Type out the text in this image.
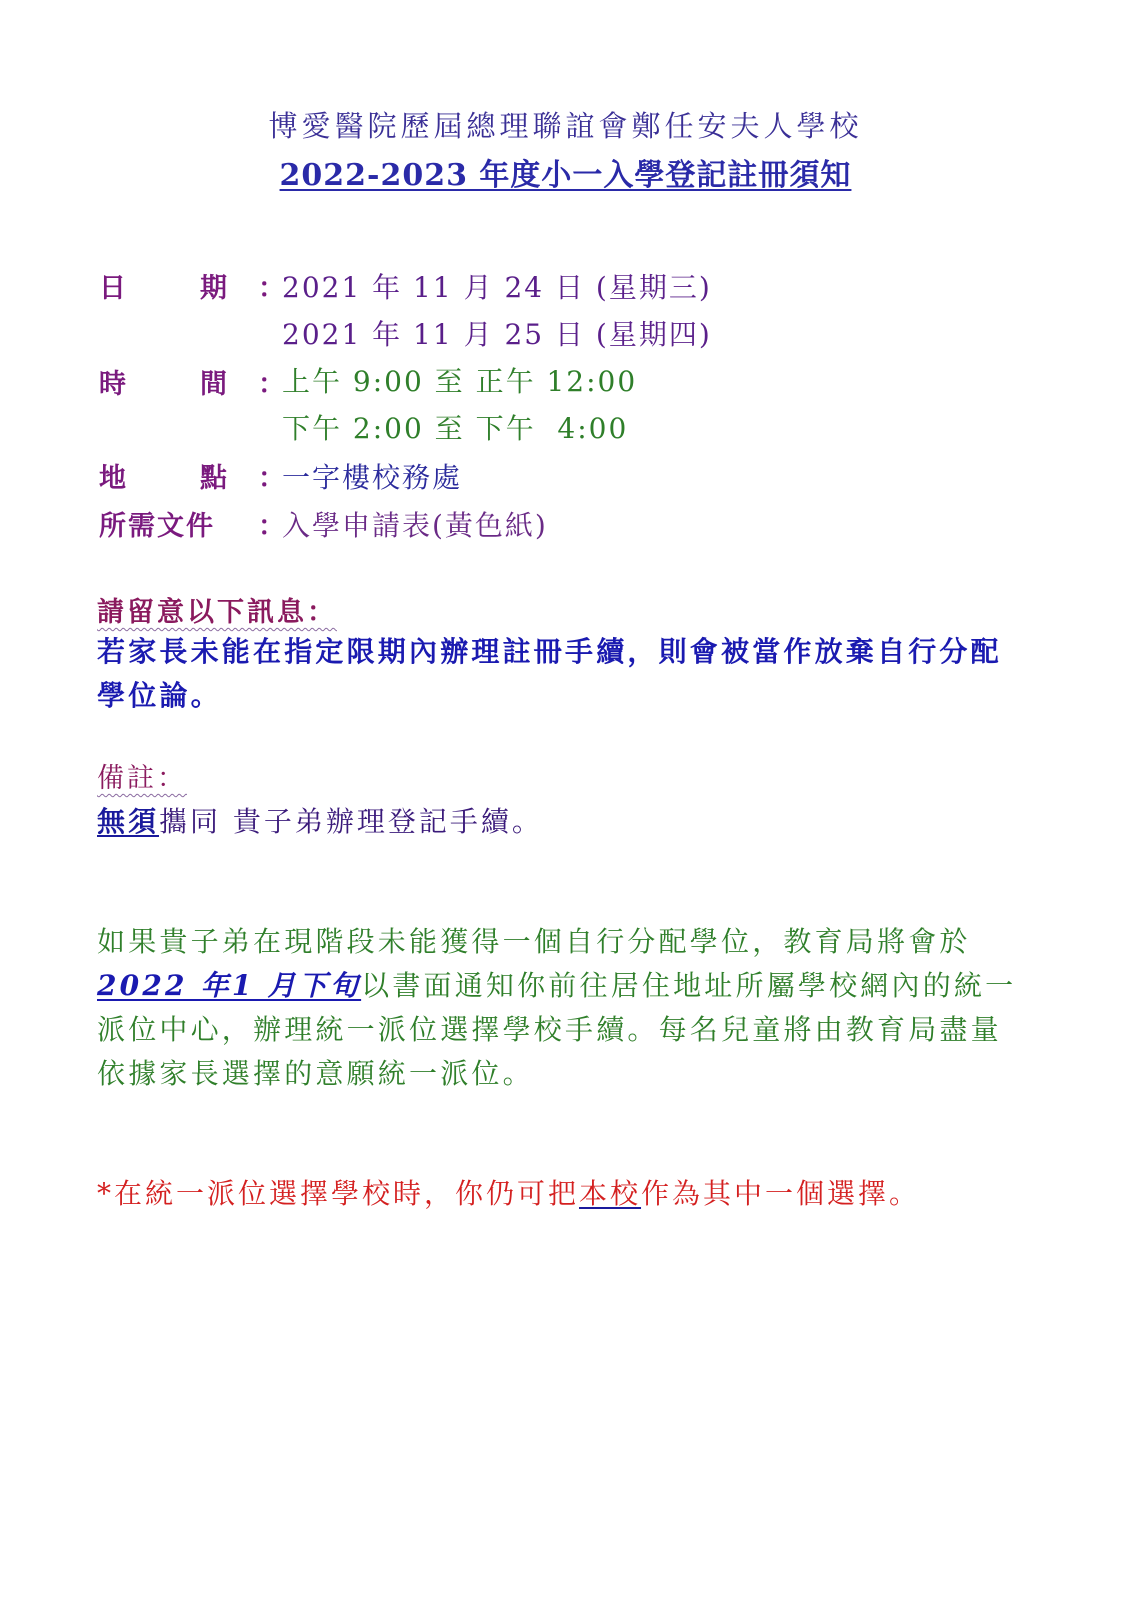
博愛醫院歷屆總理聯誼會鄭任安夫人學校
2022-2023 年度小一入學登記註冊須知
日	期 ：
2021 年 11 月 24 日 (星期三)
2021 年 11 月 25 日 (星期四)
時	間 ：
上午 9:00 至 正午 12:00
下午 2:00 至 下午  4:00
地	點 ：
一字樓校務處
所需文件	：
入學申請表(黃色紙)
請留意以下訊息：
若家長未能在指定限期內辦理註冊手續，則會被當作放棄自行分配學位論。
備註：
無須攜同 貴子弟辦理登記手續。
如果貴子弟在現階段未能獲得一個自行分配學位，教育局將會於2022 年1 月下旬以書面通知你前往居住地址所屬學校網內的統一派位中心，辦理統一派位選擇學校手續。每名兒童將由教育局盡量依據家長選擇的意願統一派位。
*在統一派位選擇學校時，你仍可把本校作為其中一個選擇。
